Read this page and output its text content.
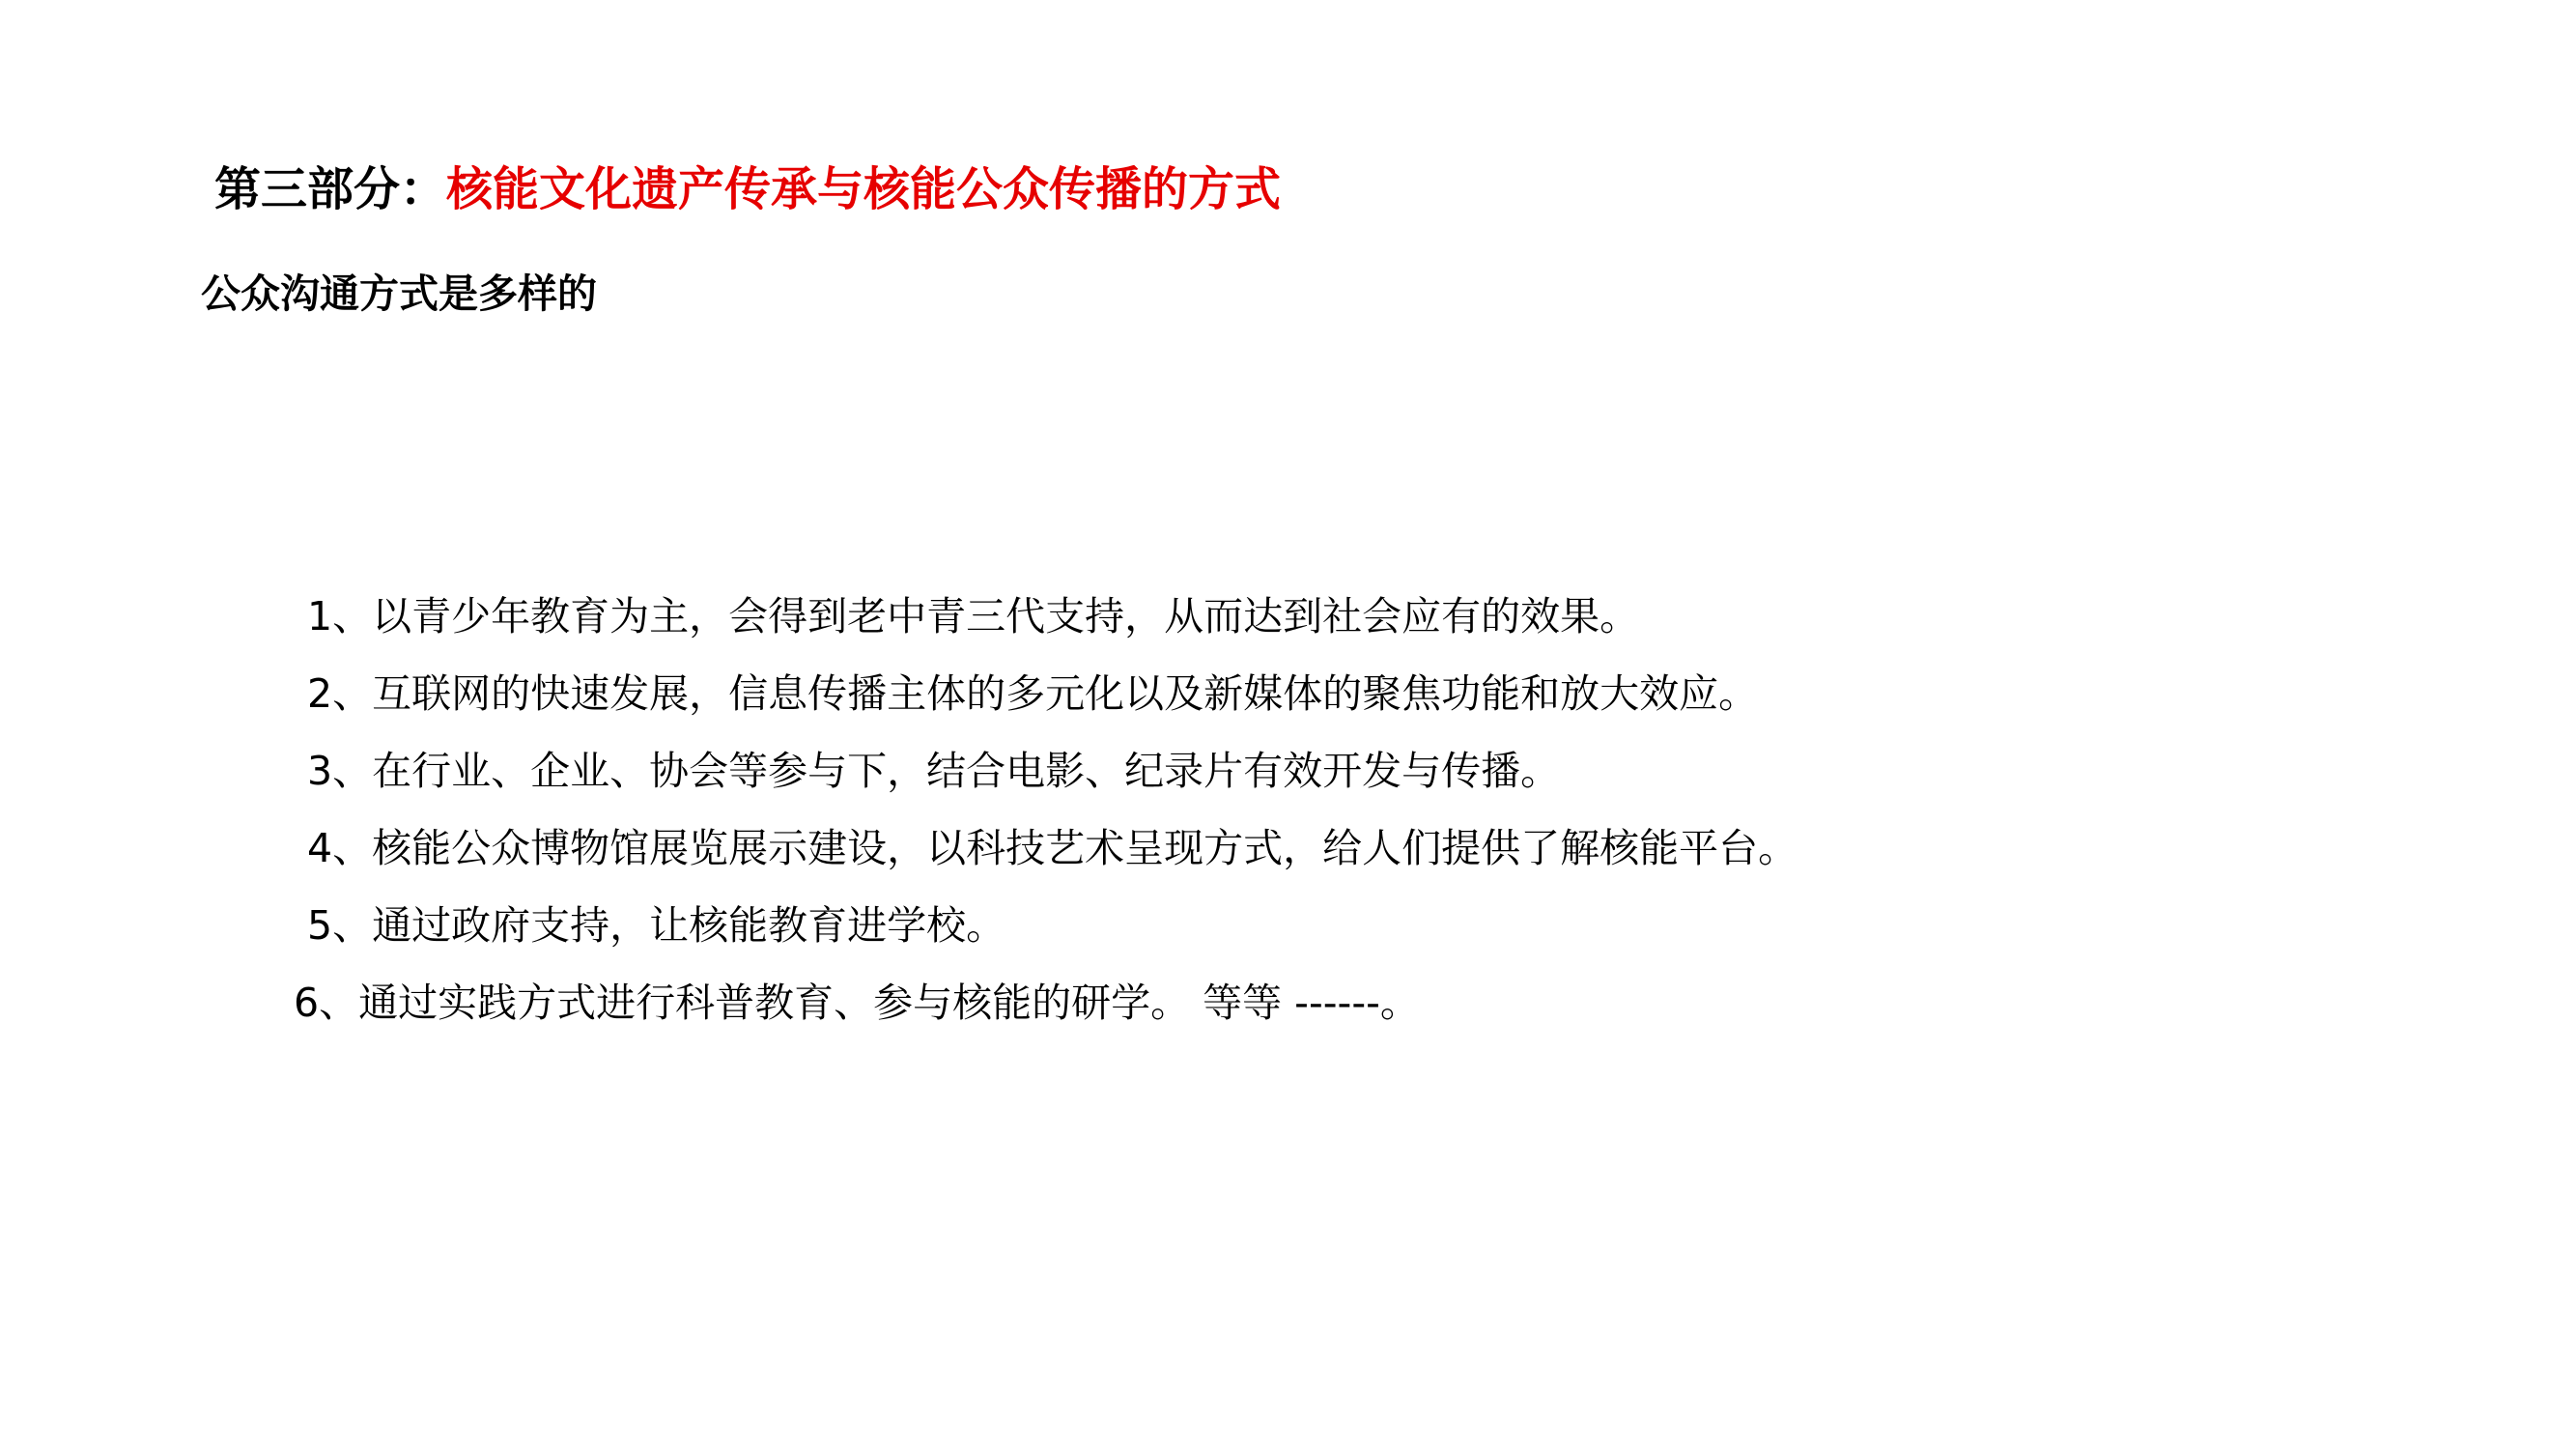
第三部分：核能文化遗产传承与核能公众传播的方式
公众沟通方式是多样的
1、以青少年教育为主，会得到老中青三代支持，从而达到社会应有的效果。
2、互联网的快速发展，信息传播主体的多元化以及新媒体的聚焦功能和放大效应。
3、在行业、企业、协会等参与下，结合电影、纪录片有效开发与传播。
4、核能公众博物馆展览展示建设，以科技艺术呈现方式，给人们提供了解核能平台。
5、通过政府支持，让核能教育进学校。
6、通过实践方式进行科普教育、参与核能的研学。 等等 ------。
